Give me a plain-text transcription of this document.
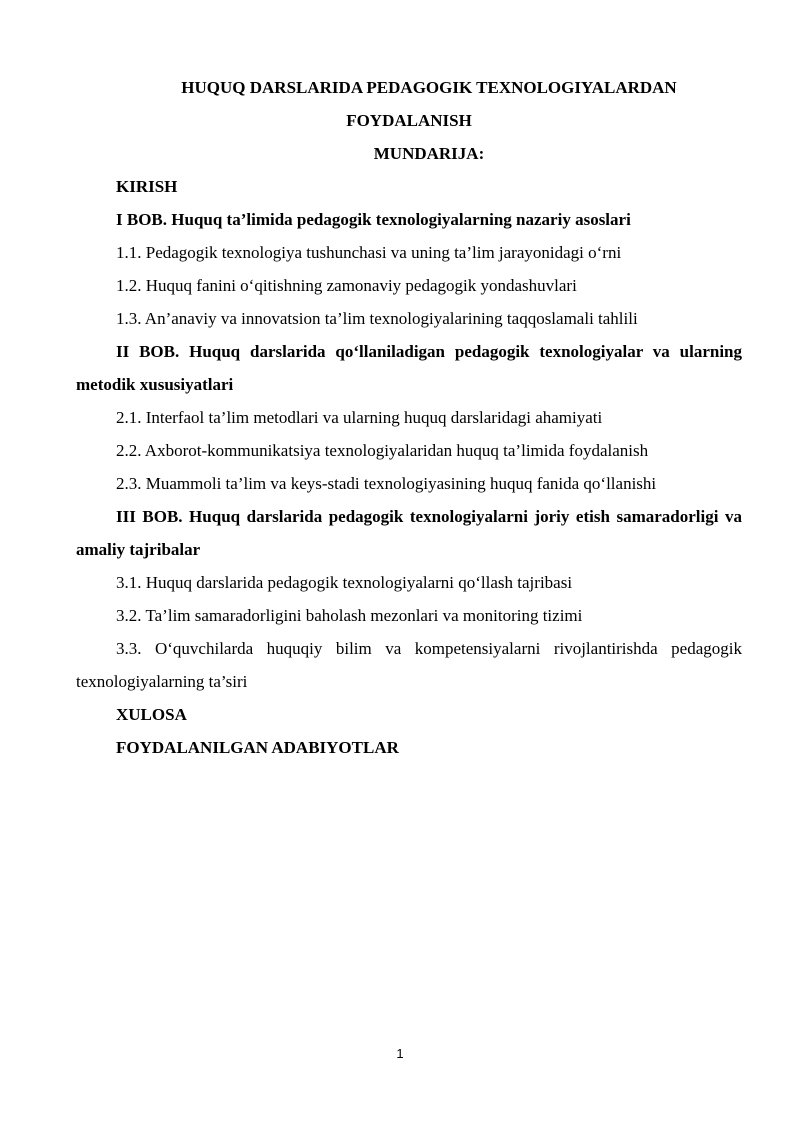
HUQUQ DARSLARIDA PEDAGOGIK TEXNOLOGIYALARDAN

FOYDALANISH

MUNDARIJA:

KIRISH

I BOB. Huquq ta’limida pedagogik texnologiyalarning nazariy asoslari

1.1. Pedagogik texnologiya tushunchasi va uning ta’lim jarayonidagi o‘rni

1.2. Huquq fanini o‘qitishning zamonaviy pedagogik yondashuvlari

1.3. An’anaviy va innovatsion ta’lim texnologiyalarining taqqoslamali tahlili

II BOB. Huquq darslarida qo‘llaniladigan pedagogik texnologiyalar va ularning metodik xususiyatlari

2.1. Interfaol ta’lim metodlari va ularning huquq darslaridagi ahamiyati

2.2. Axborot-kommunikatsiya texnologiyalaridan huquq ta’limida foydalanish

2.3. Muammoli ta’lim va keys-stadi texnologiyasining huquq fanida qo‘llanishi

III BOB. Huquq darslarida pedagogik texnologiyalarni joriy etish samaradorligi va amaliy tajribalar

3.1. Huquq darslarida pedagogik texnologiyalarni qo‘llash tajribasi

3.2. Ta’lim samaradorligini baholash mezonlari va monitoring tizimi

3.3. O‘quvchilarda huquqiy bilim va kompetensiyalarni rivojlantirishda pedagogik texnologiyalarning ta’siri

XULOSA

FOYDALANILGAN ADABIYOTLAR

1
